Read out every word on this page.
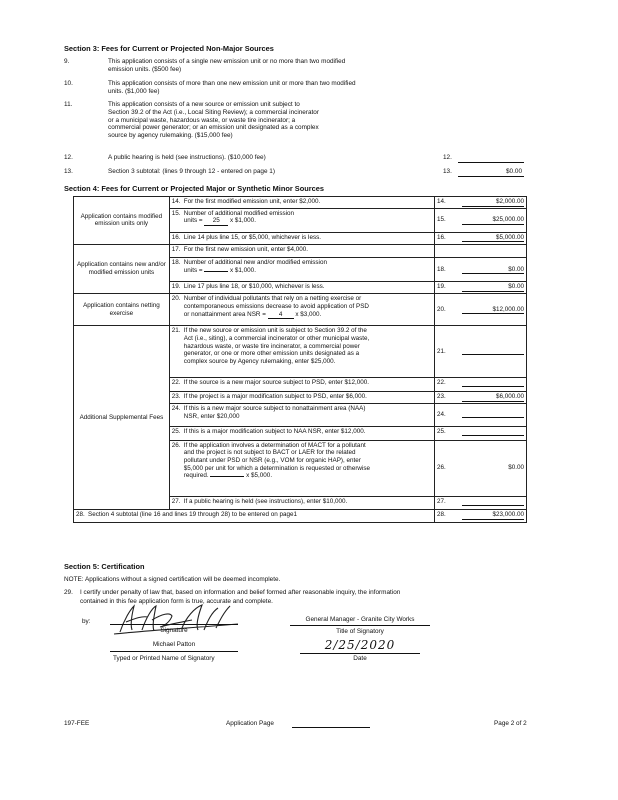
Section 3: Fees for Current or Projected Non-Major Sources
9.	This application consists of a single new emission unit or no more than two modified
emission units. ($500 fee)
10.	This application consists of more than one new emission unit or more than two modified
units. ($1,000 fee)
11.	This application consists of a new source or emission unit subject to
Section 39.2 of the Act (i.e., Local Siting Review); a commercial incinerator
or a municipal waste, hazardous waste, or waste tire incinerator; a
commercial power generator; or an emission unit designated as a complex
source by agency rulemaking. ($15,000 fee)
12.	A public hearing is held (see instructions). ($10,000 fee)	12.
13.	Section 3 subtotal: (lines 9 through 12 - entered on page 1)	13.	$0.00
Section 4: Fees for Current or Projected Major or Synthetic Minor Sources
Application contains modified emission units only	14. For the first modified emission unit, enter $2,000.	14.	$2,000.00

	15. Number of additional modified emission
units = 25 x $1,000.	15.	$25,000.00
	16. Line 14 plus line 15, or $5,000, whichever is less.	16.	$5,000.00
Application contains new and/or modified emission units	17. For the first new emission unit, enter $4,000.		

	18. Number of additional new and/or modified emission
units = x $1,000.	18.	$0.00
	19. Line 17 plus line 18, or $10,000, whichever is less.	19.	$0.00
Application contains netting exercise	20. Number of individual pollutants that rely on a netting exercise or
contemporaneous emissions decrease to avoid application of PSD
or nonattainment area NSR = 4 x $3,000.	20.	$12,000.00
Additional Supplemental Fees	21. If the new source or emission unit is subject to Section 39.2 of the
Act (i.e., siting), a commercial incinerator or other municipal waste,
hazardous waste, or waste tire incinerator, a commercial power
generator, or one or more other emission units designated as a
complex source by Agency rulemaking, enter $25,000.	21.	
	22. If the source is a new major source subject to PSD, enter $12,000.	22.	
	23. If the project is a major modification subject to PSD, enter $6,000.	23.	$6,000.00

	24. If this is a new major source subject to nonattainment area (NAA)
NSR, enter $20,000	24.	
	25. If this is a major modification subject to NAA NSR, enter $12,000.	25.	

	26. If the application involves a determination of MACT for a pollutant
and the project is not subject to BACT or LAER for the related
pollutant under PSD or NSR (e.g., VOM for organic HAP), enter
$5,000 per unit for which a determination is requested or otherwise
required. x $5,000.	26.	$0.00
	27. If a public hearing is held (see instructions), enter $10,000.	27.	
28. Section 4 subtotal (line 16 and lines 19 through 28) to be entered on page1		28.	$23,000.00
Section 5: Certification
NOTE: Applications without a signed certification will be deemed incomplete.
29. I certify under penalty of law that, based on information and belief formed after reasonable inquiry, the information
contained in this fee application form is true, accurate and complete.
by:
Signature
Michael Patton
Typed or Printed Name of Signatory
General Manager - Granite City Works
Title of Signatory
2/25/2020
Date
197-FEE	Application Page	Page 2 of 2
